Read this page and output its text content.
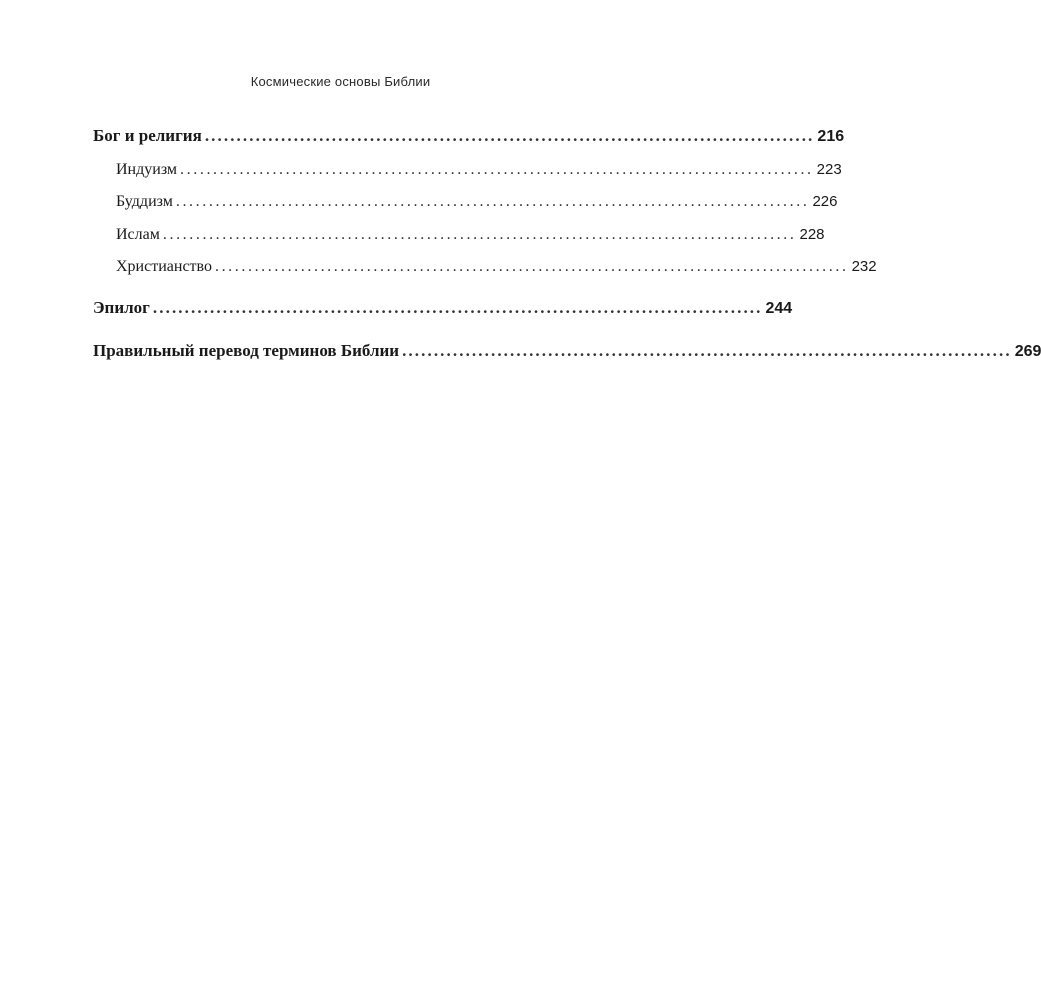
Космические основы Библии
Бог и религия ................................................................................................ 216
Индуизм ................................................................................................ 223
Буддизм ................................................................................................ 226
Ислам ................................................................................................ 228
Христианство ................................................................................................ 232
Эпилог ................................................................................................ 244
Правильный перевод терминов Библии ................................................................................................ 269
